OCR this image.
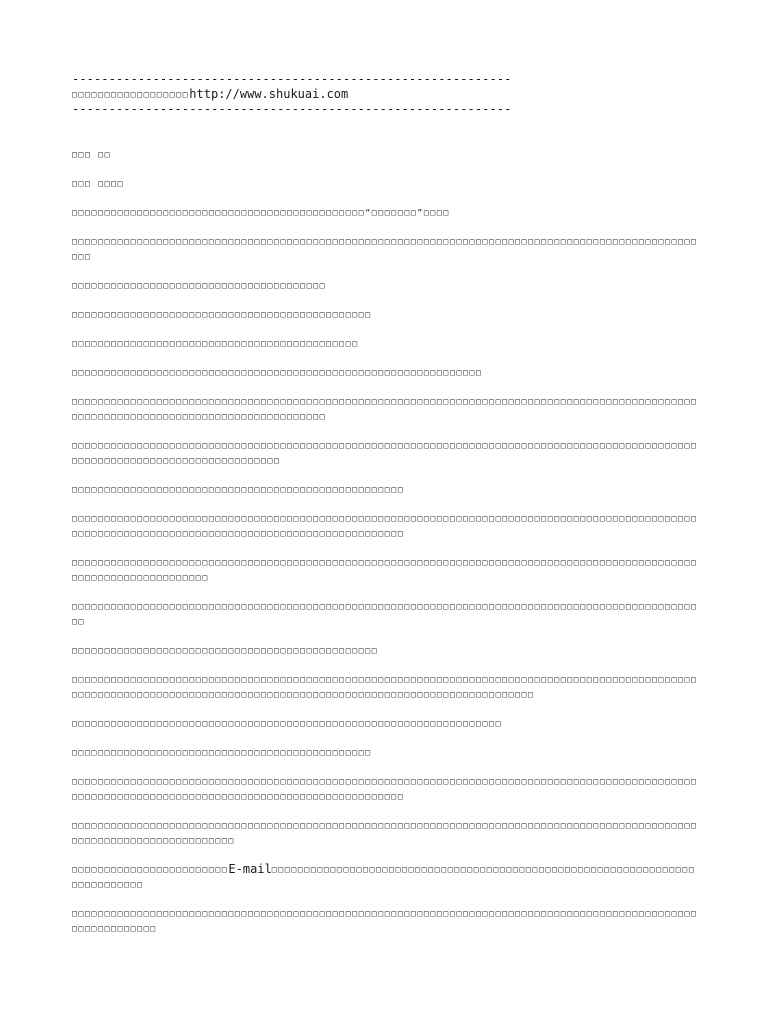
------------------------------------------------------------
□□□□□□□□□□□□□□□□□□http://www.shukuai.com
------------------------------------------------------------

□□□ □□

□□□ □□□□

□□□□□□□□□□□□□□□□□□□□□□□□□□□□□□□□□□□□□□□□□□□□□“□□□□□□□”□□□□

□□□□□□□□□□□□□□□□□□□□□□□□□□□□□□□□□□□□□□□□□□□□□□□□□□□□□□□□□□□□□□□□□□□□□□□□□□□□□□□□□□□□□□□□□□□□□□□□□□□

□□□□□□□□□□□□□□□□□□□□□□□□□□□□□□□□□□□□□□□

□□□□□□□□□□□□□□□□□□□□□□□□□□□□□□□□□□□□□□□□□□□□□□

□□□□□□□□□□□□□□□□□□□□□□□□□□□□□□□□□□□□□□□□□□□□

□□□□□□□□□□□□□□□□□□□□□□□□□□□□□□□□□□□□□□□□□□□□□□□□□□□□□□□□□□□□□□□

□□□□□□□□□□□□□□□□□□□□□□□□□□□□□□□□□□□□□□□□□□□□□□□□□□□□□□□□□□□□□□□□□□□□□□□□□□□□□□□□□□□□□□□□□□□□□□□□□□□□□□□□□□□□□□□□□□□□□□□□□□□□□□□□□□□□□□□

□□□□□□□□□□□□□□□□□□□□□□□□□□□□□□□□□□□□□□□□□□□□□□□□□□□□□□□□□□□□□□□□□□□□□□□□□□□□□□□□□□□□□□□□□□□□□□□□□□□□□□□□□□□□□□□□□□□□□□□□□□□□□□□□

□□□□□□□□□□□□□□□□□□□□□□□□□□□□□□□□□□□□□□□□□□□□□□□□□□□

□□□□□□□□□□□□□□□□□□□□□□□□□□□□□□□□□□□□□□□□□□□□□□□□□□□□□□□□□□□□□□□□□□□□□□□□□□□□□□□□□□□□□□□□□□□□□□□□□□□□□□□□□□□□□□□□□□□□□□□□□□□□□□□□□□□□□□□□□□□□□□□□□□□

□□□□□□□□□□□□□□□□□□□□□□□□□□□□□□□□□□□□□□□□□□□□□□□□□□□□□□□□□□□□□□□□□□□□□□□□□□□□□□□□□□□□□□□□□□□□□□□□□□□□□□□□□□□□□□□□□□□□□

□□□□□□□□□□□□□□□□□□□□□□□□□□□□□□□□□□□□□□□□□□□□□□□□□□□□□□□□□□□□□□□□□□□□□□□□□□□□□□□□□□□□□□□□□□□□□□□□□□

□□□□□□□□□□□□□□□□□□□□□□□□□□□□□□□□□□□□□□□□□□□□□□□

□□□□□□□□□□□□□□□□□□□□□□□□□□□□□□□□□□□□□□□□□□□□□□□□□□□□□□□□□□□□□□□□□□□□□□□□□□□□□□□□□□□□□□□□□□□□□□□□□□□□□□□□□□□□□□□□□□□□□□□□□□□□□□□□□□□□□□□□□□□□□□□□□□□□□□□□□□□□□□□□□□□□□□□

□□□□□□□□□□□□□□□□□□□□□□□□□□□□□□□□□□□□□□□□□□□□□□□□□□□□□□□□□□□□□□□□□□

□□□□□□□□□□□□□□□□□□□□□□□□□□□□□□□□□□□□□□□□□□□□□□

□□□□□□□□□□□□□□□□□□□□□□□□□□□□□□□□□□□□□□□□□□□□□□□□□□□□□□□□□□□□□□□□□□□□□□□□□□□□□□□□□□□□□□□□□□□□□□□□□□□□□□□□□□□□□□□□□□□□□□□□□□□□□□□□□□□□□□□□□□□□□□□□□□□

□□□□□□□□□□□□□□□□□□□□□□□□□□□□□□□□□□□□□□□□□□□□□□□□□□□□□□□□□□□□□□□□□□□□□□□□□□□□□□□□□□□□□□□□□□□□□□□□□□□□□□□□□□□□□□□□□□□□□□□□□

□□□□□□□□□□□□□□□□□□□□□□□□E-mail□□□□□□□□□□□□□□□□□□□□□□□□□□□□□□□□□□□□□□□□□□□□□□□□□□□□□□□□□□□□□□□□□□□□□□□□□□□□

□□□□□□□□□□□□□□□□□□□□□□□□□□□□□□□□□□□□□□□□□□□□□□□□□□□□□□□□□□□□□□□□□□□□□□□□□□□□□□□□□□□□□□□□□□□□□□□□□□□□□□□□□□□□□
